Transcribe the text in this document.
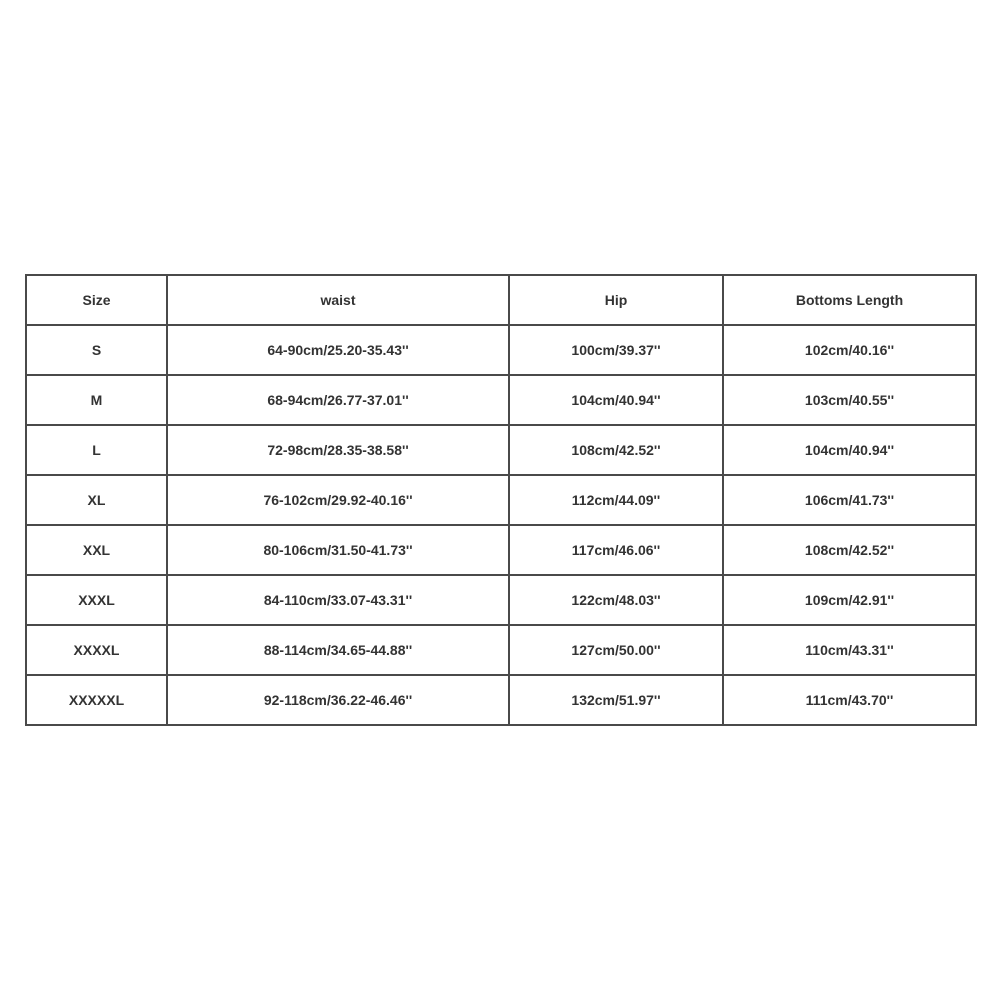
Size	waist	Hip	Bottoms Length
S	64-90cm/25.20-35.43''	100cm/39.37''	102cm/40.16''
M	68-94cm/26.77-37.01''	104cm/40.94''	103cm/40.55''
L	72-98cm/28.35-38.58''	108cm/42.52''	104cm/40.94''
XL	76-102cm/29.92-40.16''	112cm/44.09''	106cm/41.73''
XXL	80-106cm/31.50-41.73''	117cm/46.06''	108cm/42.52''
XXXL	84-110cm/33.07-43.31''	122cm/48.03''	109cm/42.91''
XXXXL	88-114cm/34.65-44.88''	127cm/50.00''	110cm/43.31''
XXXXXL	92-118cm/36.22-46.46''	132cm/51.97''	111cm/43.70''
